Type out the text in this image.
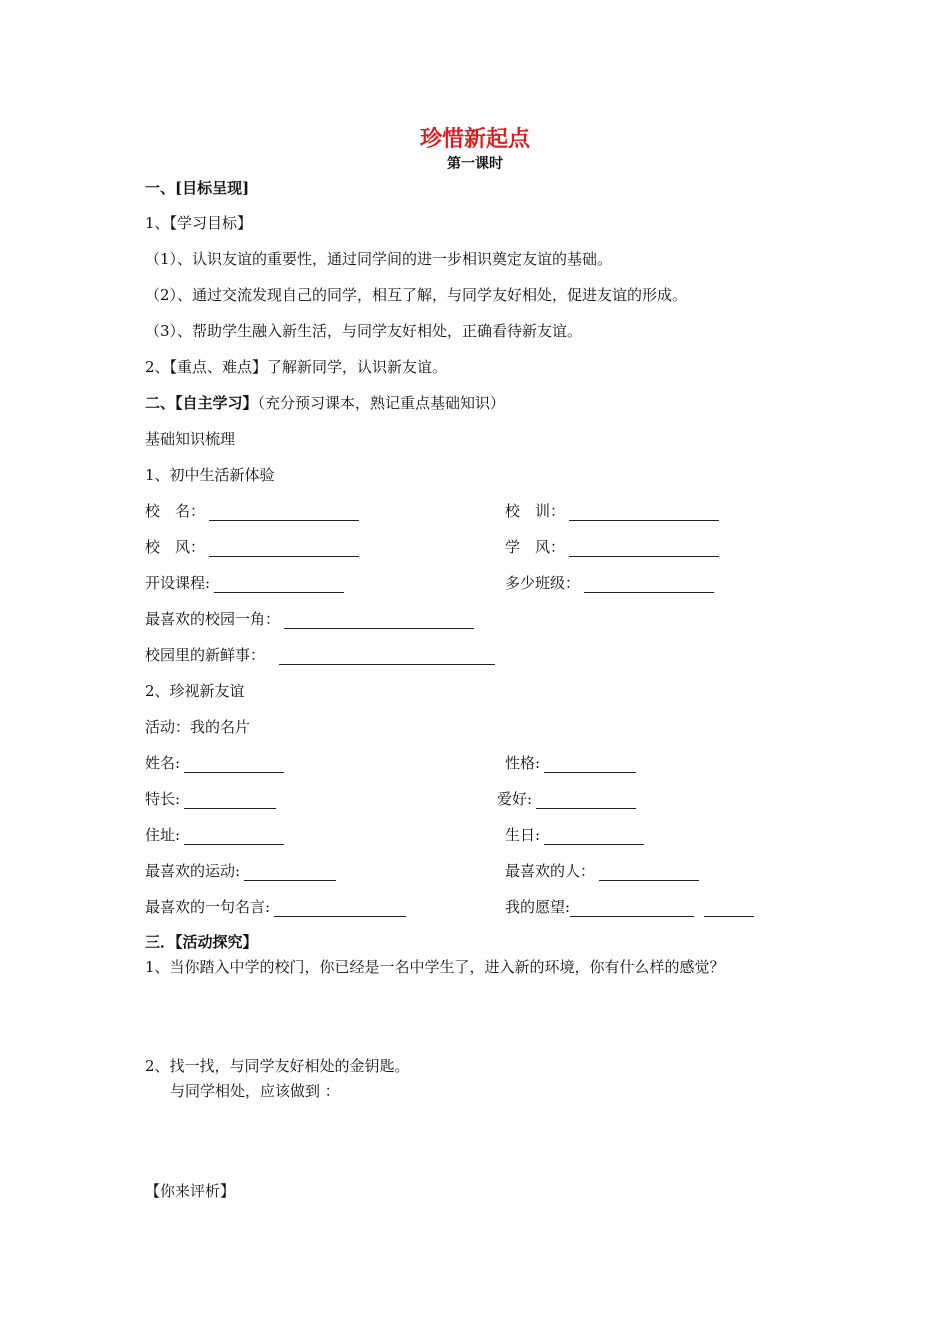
珍惜新起点
第一课时
一、[目标呈现]
1、【学习目标】
（1）、认识友谊的重要性，通过同学间的进一步相识奠定友谊的基础。
（2）、通过交流发现自己的同学，相互了解，与同学友好相处，促进友谊的形成。
（3）、帮助学生融入新生活，与同学友好相处，正确看待新友谊。
2、【重点、难点】了解新同学，认识新友谊。
二、【自主学习】（充分预习课本，熟记重点基础知识）
基础知识梳理
1、初中生活新体验
校　名：	校　训：
校　风：	学　风：
开设课程:	多少班级：
最喜欢的校园一角：
校园里的新鲜事：
2、珍视新友谊
活动：我的名片
姓名:	性格:
特长:	爱好:
住址:	生日:
最喜欢的运动:	最喜欢的人：
最喜欢的一句名言:	我的愿望:
三．【活动探究】
1、当你踏入中学的校门，你已经是一名中学生了，进入新的环境，你有什么样的感觉？
2、找一找，与同学友好相处的金钥匙。
与同学相处，应该做到 ：
【你来评析】
